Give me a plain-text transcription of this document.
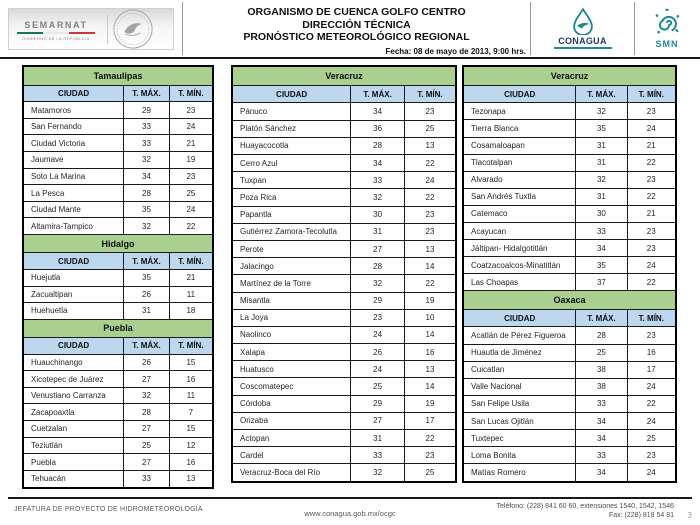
SEMARNAT
GOBIERNO DE LA REPÚBLICA
ORGANISMO DE CUENCA GOLFO CENTRO
DIRECCIÓN TÉCNICA
PRONÓSTICO METEOROLÓGICO REGIONAL
Fecha: 08 de mayo de 2013, 9:00 hrs.
CONAGUA	SMN
Tamaulipas		
CIUDAD	T. MÁX.	T. MÍN.
Matamoros	29	23
San Fernando	33	24
Ciudad Victoria	33	21
Jaumave	32	19
Soto La Marina	34	23
La Pesca	28	25
Ciudad Mante	35	24
Altamira-Tampico	32	22
Hidalgo		
CIUDAD	T. MÁX.	T. MÍN.
Huejutla	35	21
Zacualtipan	26	11
Huehuetla	31	18
Puebla		
CIUDAD	T. MÁX.	T. MÍN.
Huauchinango	26	15
Xicotepec de Juárez	27	16
Venustiano Carranza	32	11
Zacapoaxtla	28	7
Cuetzalan	27	15
Teziutlán	25	12
Puebla	27	16
Tehuacán	33	13
Veracruz		
CIUDAD	T. MÁX.	T. MÍN.
Pánuco	34	23
Platón Sánchez	36	25
Huayacocotla	28	13
Cerro Azul	34	22
Tuxpan	33	24
Poza Rica	32	22
Papantla	30	23
Gutiérrez Zamora-Tecolutla	31	23
Perote	27	13
Jalacingo	28	14
Martínez de la Torre	32	22
Misantla	29	19
La Joya	23	10
Naolinco	24	14
Xalapa	26	16
Huatusco	24	13
Coscomatepec	25	14
Córdoba	29	19
Orizaba	27	17
Actopan	31	22
Cardel	33	23
Veracruz-Boca del Río	32	25
Veracruz		
CIUDAD	T. MÁX.	T. MÍN.
Tezonapa	32	23
Tierra Blanca	35	24
Cosamaloapan	31	21
Tlacotalpan	31	22
Alvarado	32	23
San Andrés Tuxtla	31	22
Catemaco	30	21
Acayucan	33	23
Jáltipan- Hidalgotitlán	34	23
Coatzacoalcos-Minatitlán	35	24
Las Choapas	37	22
Oaxaca		
CIUDAD	T. MÁX.	T. MÍN.
Acatlán de Pérez Figueroa	28	23
Huautla de Jiménez	25	16
Cuicatlan	38	17
Valle Nacional	38	24
San Felipe Usila	33	22
San Lucas Ojitlán	34	24
Tuxtepec	34	25
Loma Bonita	33	23
Matías Romero	34	24
JEFATURA DE PROYECTO DE HIDROMETEOROLOGÍA	www.conagua.gob.mx/ocgc
Teléfono: (228) 841 60 60, extensiones 1540, 1542, 1546
Fax: (228) 818 54 81 3
